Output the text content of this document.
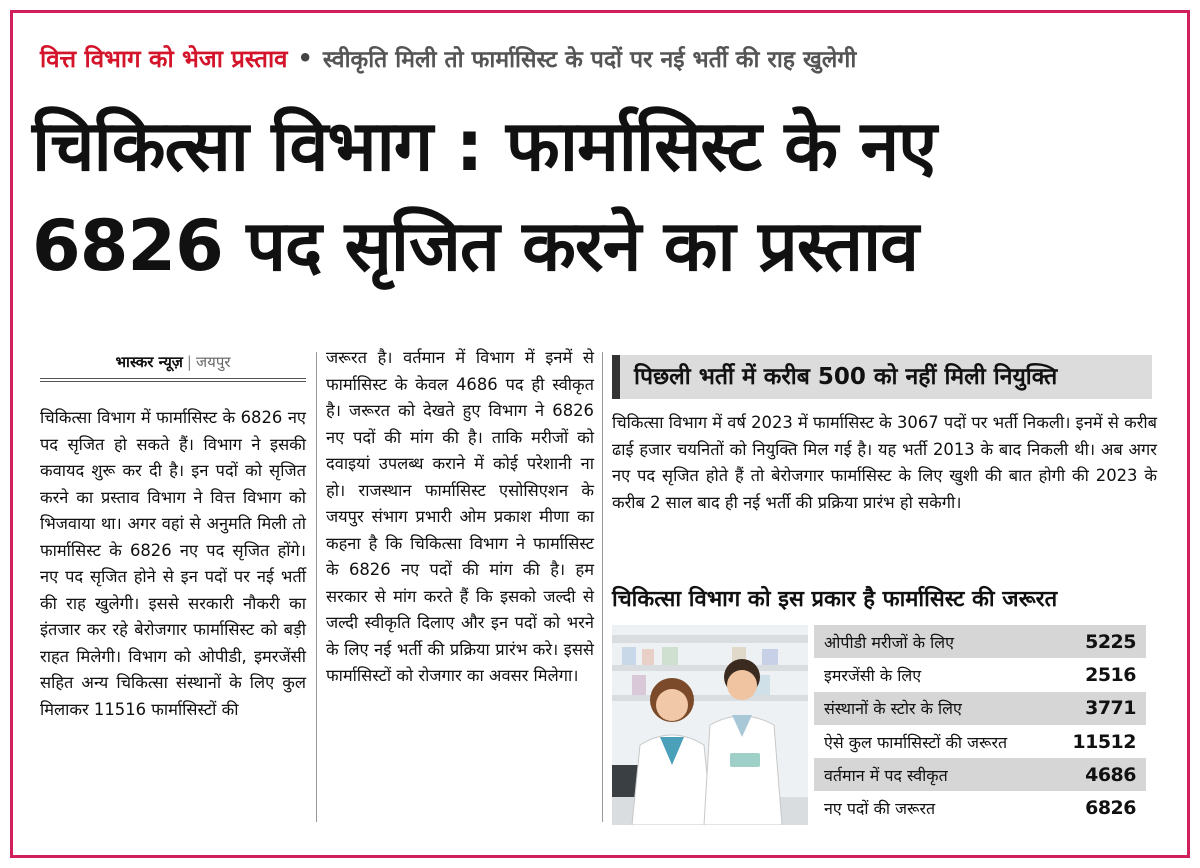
वित्त विभाग को भेजा प्रस्ताव • स्वीकृति मिली तो फार्मासिस्ट के पदों पर नई भर्ती की राह खुलेगी
चिकित्सा विभाग : फार्मासिस्ट के नए
6826 पद सृजित करने का प्रस्ताव
भास्कर न्यूज़ | जयपुर
चिकित्सा विभाग में फार्मासिस्ट के 6826 नए पद सृजित हो सकते हैं। विभाग ने इसकी कवायद शुरू कर दी है। इन पदों को सृजित करने का प्रस्ताव विभाग ने वित्त विभाग को भिजवाया था। अगर वहां से अनुमति मिली तो फार्मासिस्ट के 6826 नए पद सृजित होंगे। नए पद सृजित होने से इन पदों पर नई भर्ती की राह खुलेगी। इससे सरकारी नौकरी का इंतजार कर रहे बेरोजगार फार्मासिस्ट को बड़ी राहत मिलेगी। विभाग को ओपीडी, इमरजेंसी सहित अन्य चिकित्सा संस्थानों के लिए कुल मिलाकर 11516 फार्मासिस्टों की
जरूरत है। वर्तमान में विभाग में इनमें से फार्मासिस्ट के केवल 4686 पद ही स्वीकृत है। जरूरत को देखते हुए विभाग ने 6826 नए पदों की मांग की है। ताकि मरीजों को दवाइयां उपलब्ध कराने में कोई परेशानी ना हो। राजस्थान फार्मासिस्ट एसोसिएशन के जयपुर संभाग प्रभारी ओम प्रकाश मीणा का कहना है कि चिकित्सा विभाग ने फार्मासिस्ट के 6826 नए पदों की मांग की है। हम सरकार से मांग करते हैं कि इसको जल्दी से जल्दी स्वीकृति दिलाए और इन पदों को भरने के लिए नई भर्ती की प्रक्रिया प्रारंभ करे। इससे फार्मासिस्टों को रोजगार का अवसर मिलेगा।
पिछली भर्ती में करीब 500 को नहीं मिली नियुक्ति
चिकित्सा विभाग में वर्ष 2023 में फार्मासिस्ट के 3067 पदों पर भर्ती निकली। इनमें से करीब ढाई हजार चयनितों को नियुक्ति मिल गई है। यह भर्ती 2013 के बाद निकली थी। अब अगर नए पद सृजित होते हैं तो बेरोजगार फार्मासिस्ट के लिए खुशी की बात होगी की 2023 के करीब 2 साल बाद ही नई भर्ती की प्रक्रिया प्रारंभ हो सकेगी।
चिकित्सा विभाग को इस प्रकार है फार्मासिस्ट की जरूरत
ओपीडी मरीजों के लिए	5225
इमरजेंसी के लिए	2516
संस्थानों के स्टोर के लिए	3771
ऐसे कुल फार्मासिस्टों की जरूरत	11512
वर्तमान में पद स्वीकृत	4686
नए पदों की जरूरत	6826
